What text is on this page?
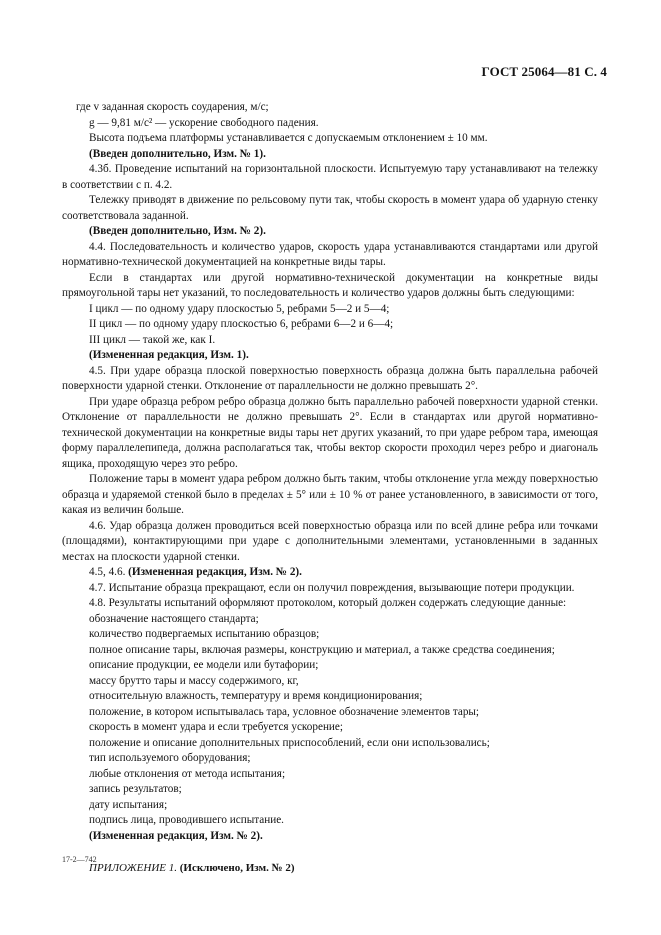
ГОСТ 25064—81 С. 4

где v заданная скорость соударения, м/с;

g — 9,81 м/с² — ускорение свободного падения.

Высота подъема платформы устанавливается с допускаемым отклонением ± 10 мм.

(Введен дополнительно, Изм. № 1).

4.3б. Проведение испытаний на горизонтальной плоскости. Испытуемую тару устанавливают на тележку в соответствии с п. 4.2.

Тележку приводят в движение по рельсовому пути так, чтобы скорость в момент удара об ударную стенку соответствовала заданной.

(Введен дополнительно, Изм. № 2).

4.4. Последовательность и количество ударов, скорость удара устанавливаются стандартами или другой нормативно-технической документацией на конкретные виды тары.

Если в стандартах или другой нормативно-технической документации на конкретные виды прямоугольной тары нет указаний, то последовательность и количество ударов должны быть следующими:

I цикл — по одному удару плоскостью 5, ребрами 5—2 и 5—4;

II цикл — по одному удару плоскостью 6, ребрами 6—2 и 6—4;

III цикл — такой же, как I.

(Измененная редакция, Изм. 1).

4.5. При ударе образца плоской поверхностью поверхность образца должна быть параллельна рабочей поверхности ударной стенки. Отклонение от параллельности не должно превышать 2°.

При ударе образца ребром ребро образца должно быть параллельно рабочей поверхности ударной стенки. Отклонение от параллельности не должно превышать 2°. Если в стандартах или другой нормативно-технической документации на конкретные виды тары нет других указаний, то при ударе ребром тара, имеющая форму параллелепипеда, должна располагаться так, чтобы вектор скорости проходил через ребро и диагональ ящика, проходящую через это ребро.

Положение тары в момент удара ребром должно быть таким, чтобы отклонение угла между поверхностью образца и ударяемой стенкой было в пределах ± 5° или ± 10 % от ранее установленного, в зависимости от того, какая из величин больше.

4.6. Удар образца должен проводиться всей поверхностью образца или по всей длине ребра или точками (площадями), контактирующими при ударе с дополнительными элементами, установленными в заданных местах на плоскости ударной стенки.

4.5, 4.6. (Измененная редакция, Изм. № 2).

4.7. Испытание образца прекращают, если он получил повреждения, вызывающие потери продукции.

4.8. Результаты испытаний оформляют протоколом, который должен содержать следующие данные:

обозначение настоящего стандарта;

количество подвергаемых испытанию образцов;

полное описание тары, включая размеры, конструкцию и материал, а также средства соединения;

описание продукции, ее модели или бутафории;

массу брутто тары и массу содержимого, кг,

относительную влажность, температуру и время кондиционирования;

положение, в котором испытывалась тара, условное обозначение элементов тары;

скорость в момент удара и если требуется ускорение;

положение и описание дополнительных приспособлений, если они использовались;

тип используемого оборудования;

любые отклонения от метода испытания;

запись результатов;

дату испытания;

подпись лица, проводившего испытание.

(Измененная редакция, Изм. № 2).

ПРИЛОЖЕНИЕ 1. (Исключено, Изм. № 2)

17-2—742
